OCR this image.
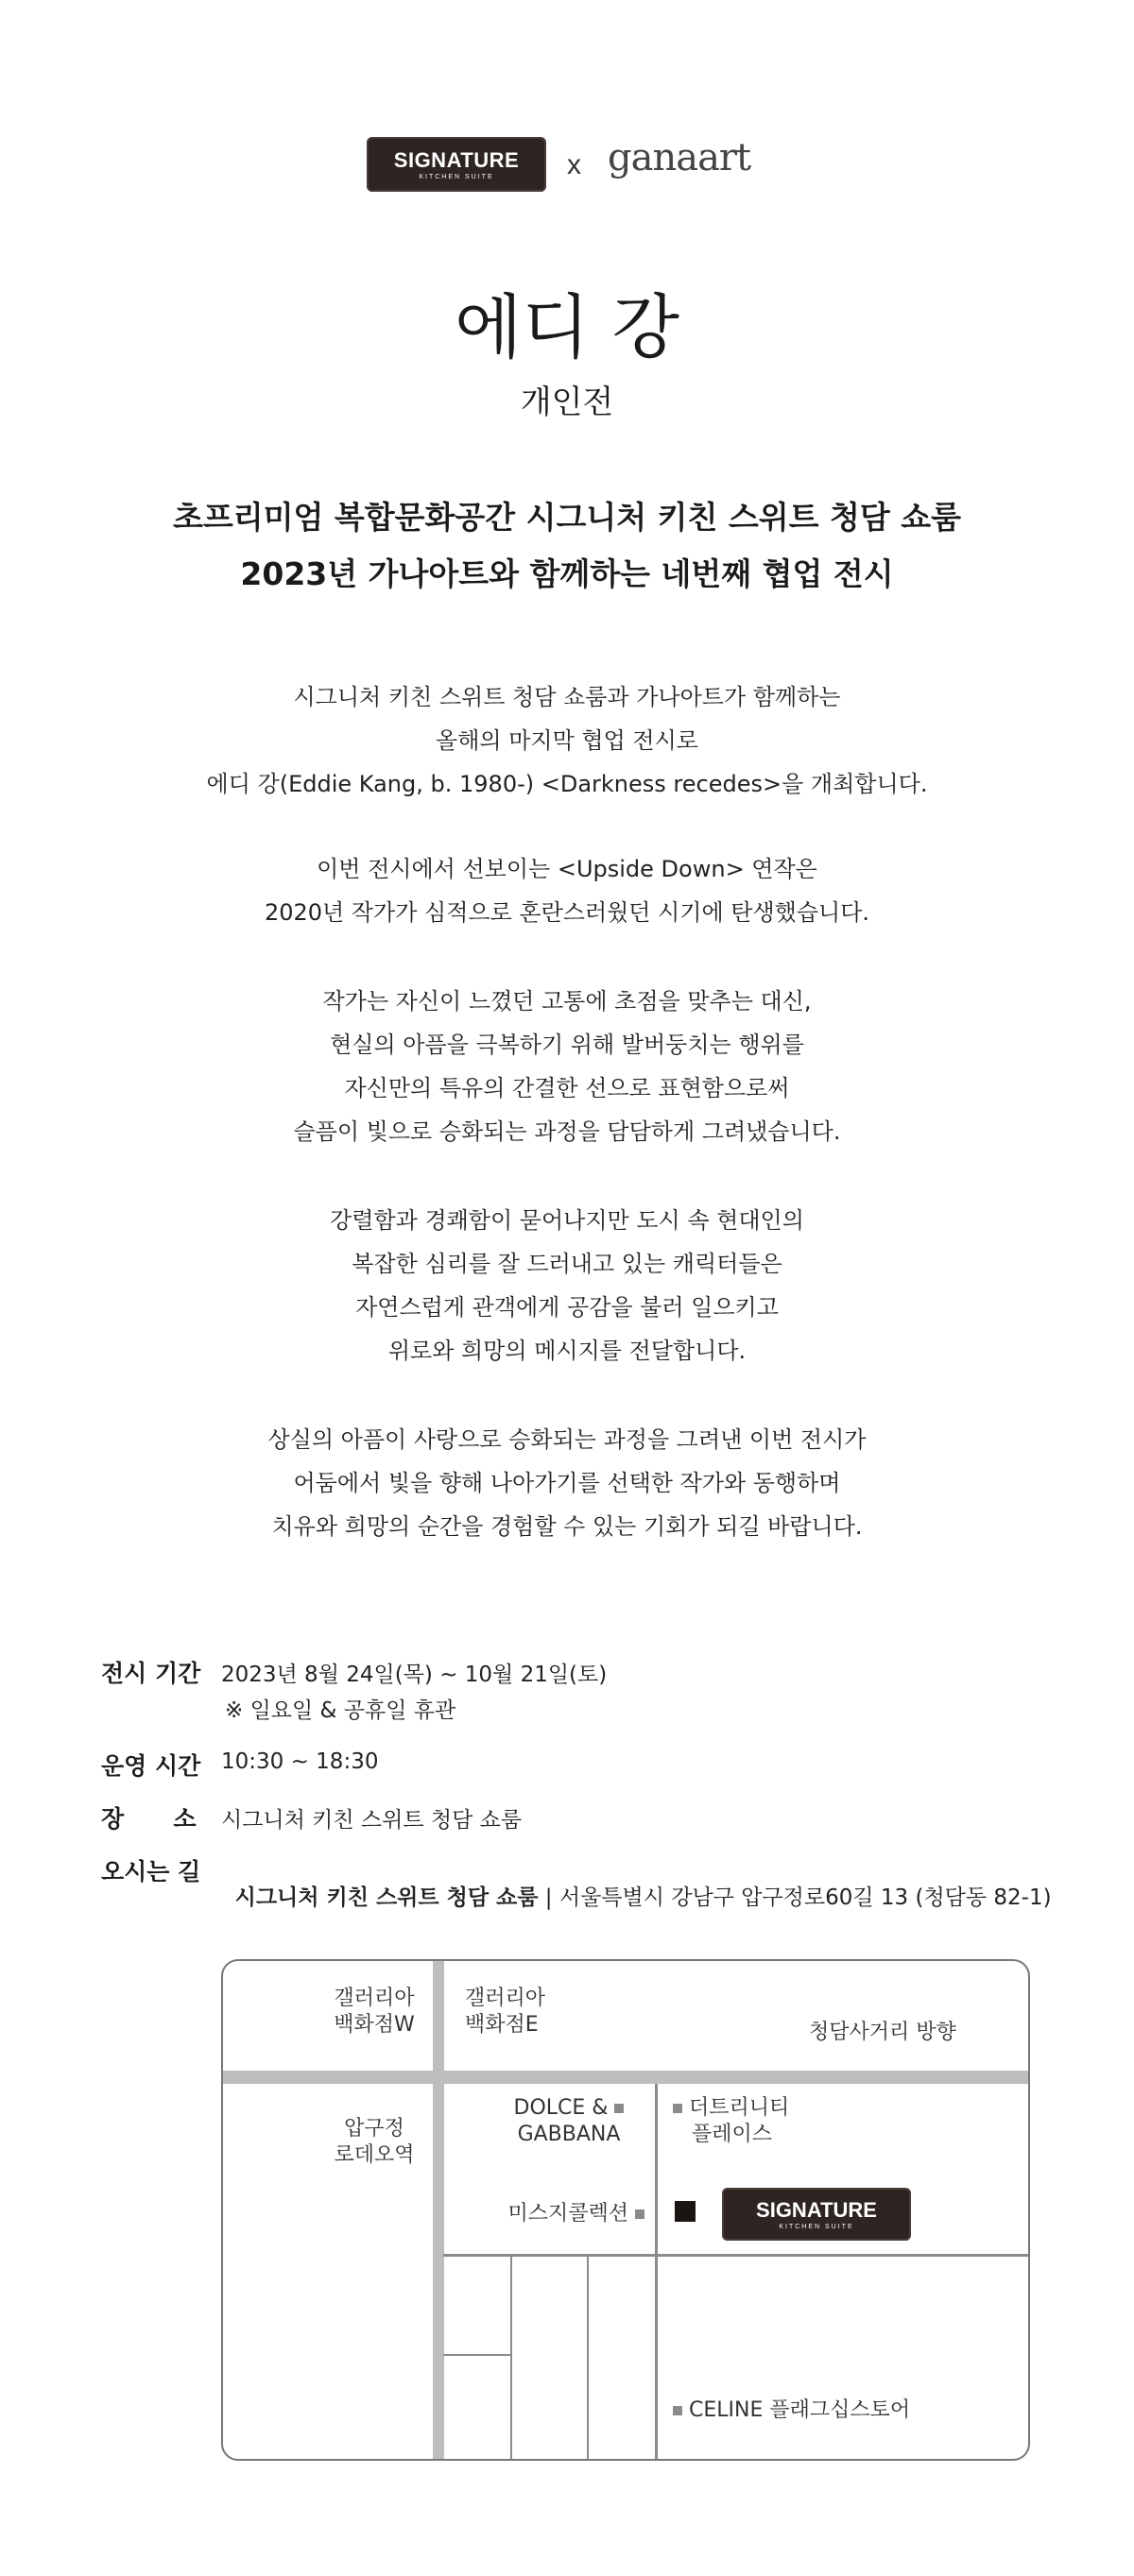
SIGNATURE
KITCHEN SUITE	x ganaart
에디 강
개인전
초프리미엄 복합문화공간 시그니처 키친 스위트 청담 쇼룸
2023년 가나아트와 함께하는 네번째 협업 전시
시그니처 키친 스위트 청담 쇼룸과 가나아트가 함께하는
올해의 마지막 협업 전시로
에디 강(Eddie Kang, b. 1980-) <Darkness recedes>을 개최합니다.
이번 전시에서 선보이는 <Upside Down> 연작은
2020년 작가가 심적으로 혼란스러웠던 시기에 탄생했습니다.
작가는 자신이 느꼈던 고통에 초점을 맞추는 대신,
현실의 아픔을 극복하기 위해 발버둥치는 행위를
자신만의 특유의 간결한 선으로 표현함으로써
슬픔이 빛으로 승화되는 과정을 담담하게 그려냈습니다.
강렬함과 경쾌함이 묻어나지만 도시 속 현대인의
복잡한 심리를 잘 드러내고 있는 캐릭터들은
자연스럽게 관객에게 공감을 불러 일으키고
위로와 희망의 메시지를 전달합니다.
상실의 아픔이 사랑으로 승화되는 과정을 그려낸 이번 전시가
어둠에서 빛을 향해 나아가기를 선택한 작가와 동행하며
치유와 희망의 순간을 경험할 수 있는 기회가 되길 바랍니다.
전시 기간 2023년 8월 24일(목) ~ 10월 21일(토)
※ 일요일 & 공휴일 휴관
운영 시간 10:30 ~ 18:30
장      소 시그니처 키친 스위트 청담 쇼룸
오시는 길

시그니처 키친 스위트 청담 쇼룸 | 서울특별시 강남구 압구정로60길 13 (청담동 82-1)

갤러리아
백화점W
갤러리아
백화점E	청담사거리 방향
압구정
로데오역
DOLCE &
GABBANA
더트리니티
플레이스
미스지콜렉션	SIGNATURE
KITCHEN SUITE
CELINE 플래그십스토어
